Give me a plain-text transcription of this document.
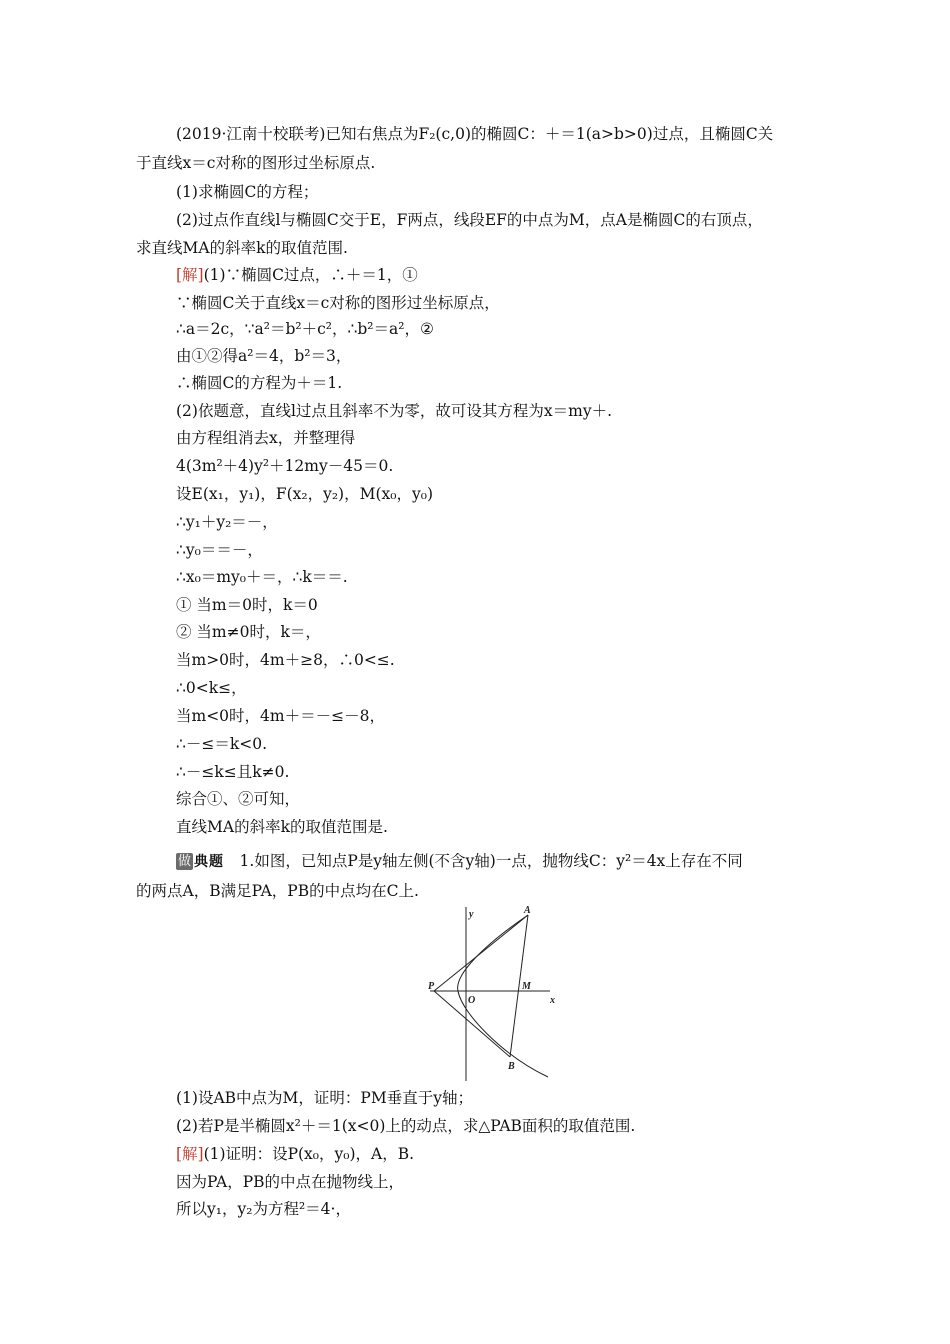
(2019·江南十校联考)已知右焦点为F₂(c,0)的椭圆C：＋＝1(a>b>0)过点，且椭圆C关
于直线x＝c对称的图形过坐标原点.
(1)求椭圆C的方程；
(2)过点作直线l与椭圆C交于E，F两点，线段EF的中点为M，点A是椭圆C的右顶点，
求直线MA的斜率k的取值范围.
[解](1)∵椭圆C过点，∴＋＝1，①
∵椭圆C关于直线x＝c对称的图形过坐标原点，
∴a＝2c，∵a²＝b²＋c²，∴b²＝a²，②
由①②得a²＝4，b²＝3，
∴椭圆C的方程为＋＝1.
(2)依题意，直线l过点且斜率不为零，故可设其方程为x＝my＋.
由方程组消去x，并整理得
4(3m²＋4)y²＋12my－45＝0.
设E(x₁，y₁)，F(x₂，y₂)，M(x₀，y₀)
∴y₁＋y₂＝－，
∴y₀＝＝－，
∴x₀＝my₀＋＝，∴k＝＝.
① 当m＝0时，k＝0
② 当m≠0时，k＝，
当m>0时，4m＋≥8，∴0<≤.
∴0<k≤，
当m<0时，4m＋＝－≤－8，
∴－≤＝k<0.
∴－≤k≤且k≠0.
综合①、②可知，
直线MA的斜率k的取值范围是.
做 典题　 1.如图，已知点P是y轴左侧(不含y轴)一点，抛物线C：y²＝4x上存在不同
的两点A，B满足PA，PB的中点均在C上.
y
x
A
B
P
O
M
(1)设AB中点为M，证明：PM垂直于y轴；
(2)若P是半椭圆x²＋＝1(x<0)上的动点，求△PAB面积的取值范围.
[解](1)证明：设P(x₀，y₀)，A，B.
因为PA，PB的中点在抛物线上，
所以y₁，y₂为方程²＝4·，
